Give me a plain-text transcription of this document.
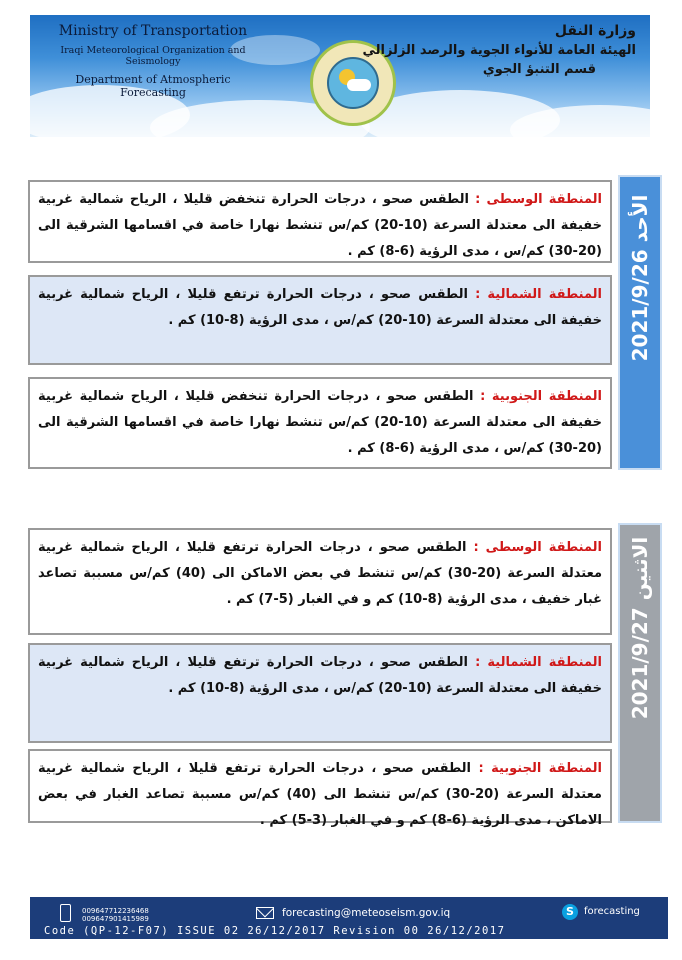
Ministry of Transportation
Iraqi Meteorological Organization and Seismology
Department of Atmospheric Forecasting
وزارة النقل
الهيئة العامة للأنواء الجوية والرصد الزلزالي
قسم التنبؤ الجوي
الأحد 2021/9/26
المنطقة الوسطى : الطقس صحو ، درجات الحرارة تنخفض قليلا ، الرياح شمالية غربية خفيفة الى معتدلة السرعة (10-20) كم/س تنشط نهارا خاصة في اقسامها الشرقية الى (20-30) كم/س ، مدى الرؤية (6-8) كم .
المنطقة الشمالية : الطقس صحو ، درجات الحرارة ترتفع قليلا ، الرياح شمالية غربية خفيفة الى معتدلة السرعة (10-20) كم/س ، مدى الرؤية (8-10) كم .
المنطقة الجنوبية : الطقس صحو ، درجات الحرارة تنخفض قليلا ، الرياح شمالية غربية خفيفة الى معتدلة السرعة (10-20) كم/س تنشط نهارا خاصة في اقسامها الشرقية الى (20-30) كم/س ، مدى الرؤية (6-8) كم .
الاثنين 2021/9/27
المنطقة الوسطى : الطقس صحو ، درجات الحرارة ترتفع قليلا ، الرياح شمالية غربية معتدلة السرعة (20-30) كم/س تنشط في بعض الاماكن الى (40) كم/س مسببة تصاعد غبار خفيف ، مدى الرؤية (8-10) كم و في الغبار (5-7) كم .
المنطقة الشمالية : الطقس صحو ، درجات الحرارة ترتفع قليلا ، الرياح شمالية غربية خفيفة الى معتدلة السرعة (10-20) كم/س ، مدى الرؤية (8-10) كم .
المنطقة الجنوبية : الطقس صحو ، درجات الحرارة ترتفع قليلا ، الرياح شمالية غربية معتدلة السرعة (20-30) كم/س تنشط الى (40) كم/س مسببة تصاعد الغبار في بعض الاماكن ، مدى الرؤية (6-8) كم و في الغبار (3-5) كم .
009647712236468
009647901415989	forecasting@meteoseism.gov.iq	S	forecasting
Code (QP-12-F07) ISSUE 02 26/12/2017 Revision 00 26/12/2017
